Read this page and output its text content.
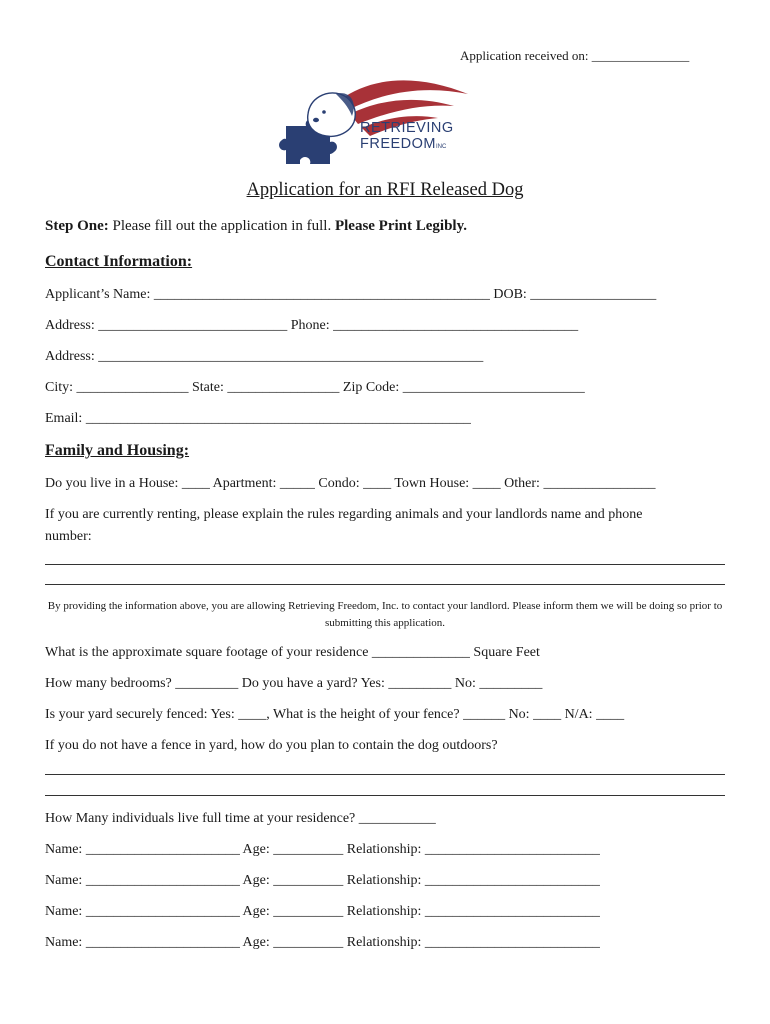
Application received on: _______________
RETRIEVING
FREEDOM INC
Application for an RFI Released Dog
Step One: Please fill out the application in full. Please Print Legibly.
Contact Information:
Applicant’s Name: ________________________________________________ DOB: __________________
Address: ___________________________ Phone: ___________________________________
Address: _______________________________________________________
City: ________________ State: ________________ Zip Code: __________________________
Email: _______________________________________________________
Family and Housing:
Do you live in a House: ____ Apartment: _____ Condo: ____ Town House: ____ Other: ________________
If you are currently renting, please explain the rules regarding animals and your landlords name and phone
number:
By providing the information above, you are allowing Retrieving Freedom, Inc. to contact your landlord. Please inform them we will be doing so prior to submitting this application.
What is the approximate square footage of your residence ______________ Square Feet
How many bedrooms? _________ Do you have a yard? Yes: _________ No: _________
Is your yard securely fenced: Yes: ____, What is the height of your fence? ______ No: ____ N/A: ____
If you do not have a fence in yard, how do you plan to contain the dog outdoors?
How Many individuals live full time at your residence? ___________
Name: ______________________ Age: __________ Relationship: _________________________
Name: ______________________ Age: __________ Relationship: _________________________
Name: ______________________ Age: __________ Relationship: _________________________
Name: ______________________ Age: __________ Relationship: _________________________
